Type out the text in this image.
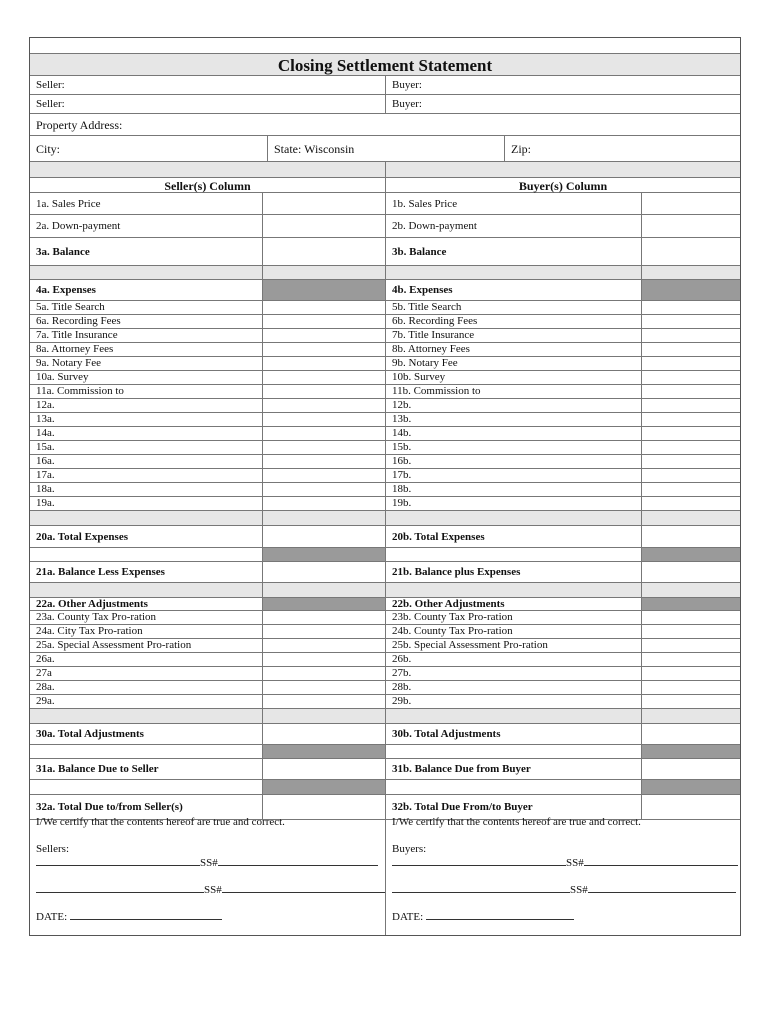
Closing Settlement Statement
Seller:	Buyer:
Seller:	Buyer:
Property Address:
City:	State: Wisconsin	Zip:
Seller(s) Column	Buyer(s) Column
1a. Sales Price	1b. Sales Price
2a. Down-payment	2b. Down-payment
3a. Balance	3b. Balance
4a. Expenses	4b. Expenses
5a. Title Search	5b. Title Search
6a. Recording Fees	6b. Recording Fees
7a. Title Insurance	7b. Title Insurance
8a. Attorney Fees	8b. Attorney Fees
9a. Notary Fee	9b. Notary Fee
10a. Survey	10b. Survey
11a. Commission to	11b. Commission to
12a.	12b.
13a.	13b.
14a.	14b.
15a.	15b.
16a.	16b.
17a.	17b.
18a.	18b.
19a.	19b.
20a. Total Expenses	20b. Total Expenses
21a. Balance Less Expenses	21b. Balance plus Expenses
22a. Other Adjustments	22b. Other Adjustments
23a. County Tax Pro-ration	23b. County Tax Pro-ration
24a. City Tax Pro-ration	24b. County Tax Pro-ration
25a. Special Assessment Pro-ration	25b. Special Assessment Pro-ration
26a.	26b.
27a	27b.
28a.	28b.
29a.	29b.
30a. Total Adjustments	30b. Total Adjustments
31a. Balance Due to Seller	31b. Balance Due from Buyer
32a. Total Due to/from Seller(s)	32b. Total Due From/to Buyer
I/We certify that the contents hereof are true and correct.
Sellers:
SS#
SS#
DATE:
I/We certify that the contents hereof are true and correct.
Buyers:
SS#
SS#
DATE:
